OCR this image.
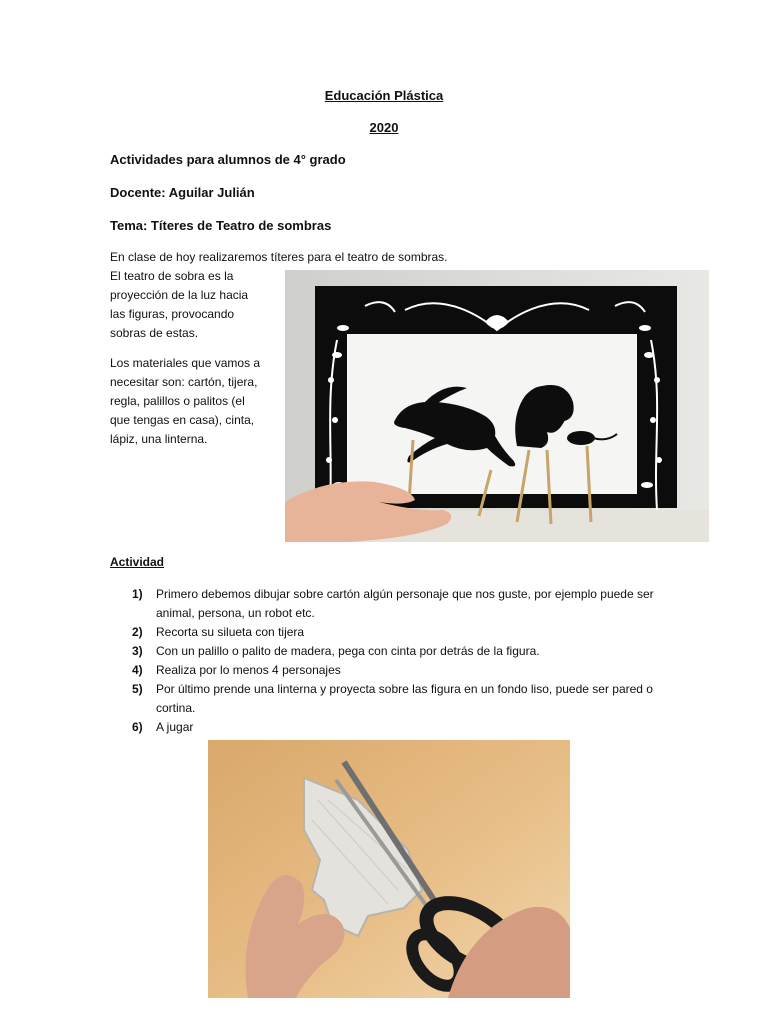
Educación Plástica
2020
Actividades para alumnos de 4° grado
Docente: Aguilar Julián
Tema: Títeres de Teatro de sombras
En clase de hoy realizaremos títeres para el teatro de sombras.
El teatro de sobra es la
proyección de la luz hacia
las figuras, provocando
sobras de estas.
Los materiales que vamos a
necesitar son: cartón, tijera,
regla, palillos o palitos (el
que tengas en casa), cinta,
lápiz, una linterna.
Actividad
1)	Primero debemos dibujar sobre cartón algún personaje que nos guste, por ejemplo puede ser animal, persona, un robot etc.
2)	Recorta su silueta con tijera
3)	Con un palillo o palito de madera, pega con cinta por detrás de la figura.
4)	Realiza por lo menos 4 personajes
5)	Por último prende una linterna y proyecta sobre las figura en un fondo liso, puede ser pared o cortina.
6)	A jugar
